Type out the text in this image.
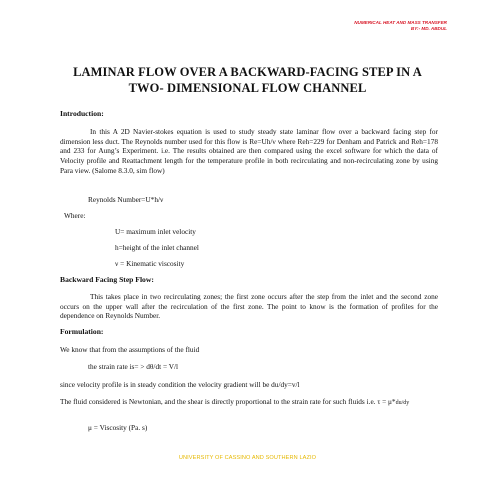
NUMERICAL HEAT AND MASS TRANSFER
BY:- MD. ABDUL
LAMINAR FLOW OVER A BACKWARD-FACING STEP IN A
TWO- DIMENSIONAL FLOW CHANNEL
Introduction:
In this A 2D Navier-stokes equation is used to study steady state laminar flow over a backward facing step for dimension less duct. The Reynolds number used for this flow is Re=Uh/ν where Reh=229 for Denham and Patrick and Reh=178 and 233 for Aung’s Experiment. i.e. The results obtained are then compared using the excel software for which the data of Velocity profile and Reattachment length for the temperature profile in both recirculating and non-recirculating zone by using Para view. (Salome 8.3.0, sim flow)
Reynolds Number=U*h/ν
Where:
U= maximum inlet velocity
h=height of the inlet channel
ν = Kinematic viscosity
Backward Facing Step Flow:
This takes place in two recirculating zones; the first zone occurs after the step from the inlet and the second zone occurs on the upper wall after the recirculation of the first zone. The point to know is the formation of profiles for the dependence on Reynolds Number.
Formulation:
We know that from the assumptions of the fluid
the strain rate is= > dθ/dt = V/l
since velocity profile is in steady condition the velocity gradient will be du/dy=v/l
The fluid considered is Newtonian, and the shear is directly proportional to the strain rate for such fluids i.e. τ = μ*du/dy
μ = Viscosity (Pa. s)
UNIVERSITY OF CASSINO AND SOUTHERN LAZIO
